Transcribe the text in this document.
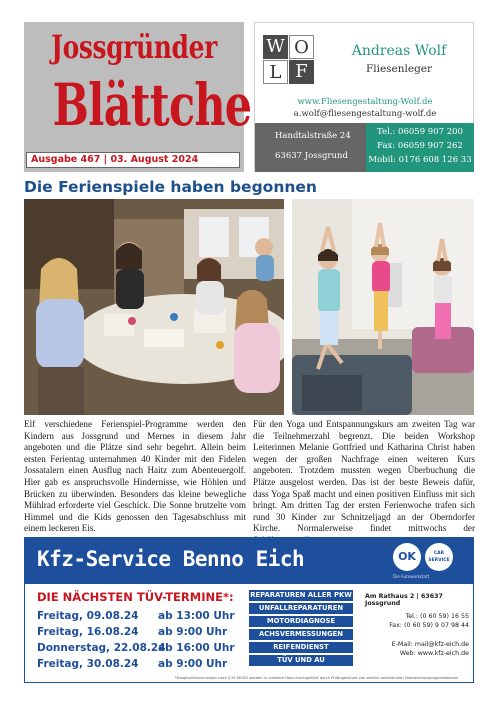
Jossgründer
Blättche
Ausgabe 467 | 03. August 2024
W O
L F
Andreas Wolf
Fliesenleger
www.Fliesengestaltung-Wolf.de
a.wolf@fliesengestaltung-wolf.de
Handtalstraße 24
63637 Jossgrund
Tel.: 06059 907 200
Fax: 06059 907 262
Mobil: 0176 608 126 33
Die Ferienspiele haben begonnen
Elf verschiedene Ferienspiel-Programme werden den Kindern aus Jossgrund und Mernes in diesem Jahr angeboten und die Plätze sind sehr begehrt. Allein beim ersten Ferientag unternahmen 40 Kinder mit den Fidelen Jossatalern einen Ausflug nach Haitz zum Abenteuergolf. Hier gab es anspruchsvolle Hindernisse, wie Höhlen und Brücken zu überwinden. Besonders das kleine bewegliche Mühlrad erforderte viel Geschick. Die Sonne brutzelte vom Himmel und die Kids genossen den Tagesabschluss mit einem leckeren Eis.
Für den Yoga und Entspannungskurs am zweiten Tag war die Teilnehmerzahl begrenzt. Die beiden Workshop Leiterinnen Melanie Gottfried und Katharina Christ haben wegen der großen Nachfrage einen weiteren Kurs angeboten. Trotzdem mussten wegen Überbuchung die Plätze ausgelost werden. Das ist der beste Beweis dafür, dass Yoga Spaß macht und einen positiven Einfluss mit sich bringt. Am dritten Tag der ersten Ferienwoche trafen sich rund 30 Kinder zur Schnitzeljagd an der Oberndorfer Kirche. Normalerweise findet mittwochs der
Kfz-Service Benno Eich	OK	CAR SERVICE
Die Autowerkstatt
DIE NÄCHSTEN TÜV-TERMINE*:
Freitag, 09.08.24 ab 13:00 Uhr
Freitag, 16.08.24 ab 9:00 Uhr
Donnerstag, 22.08.24
ab 16:00 Uhr
Freitag, 30.08.24 ab 9:00 Uhr
REPARATUREN ALLER PKW
UNFALLREPARATUREN
MOTORDIAGNOSE
ACHSVERMESSUNGEN
REIFENDIENST
TÜV UND AU
Am Rathaus 2 | 63637 Jossgrund
Tel.: (0 60 59) 16 55
Fax: (0 60 59) 9 07 98 44
E-Mail: mail@kfz-eich.de
Web: www.kfz-eich.de
*Hauptuntersuchungen nach § 29 StVZO werden in unserem Haus durchgeführt durch Prüfingenieure von amtlich anerkannten Überwachungsorganisationen
